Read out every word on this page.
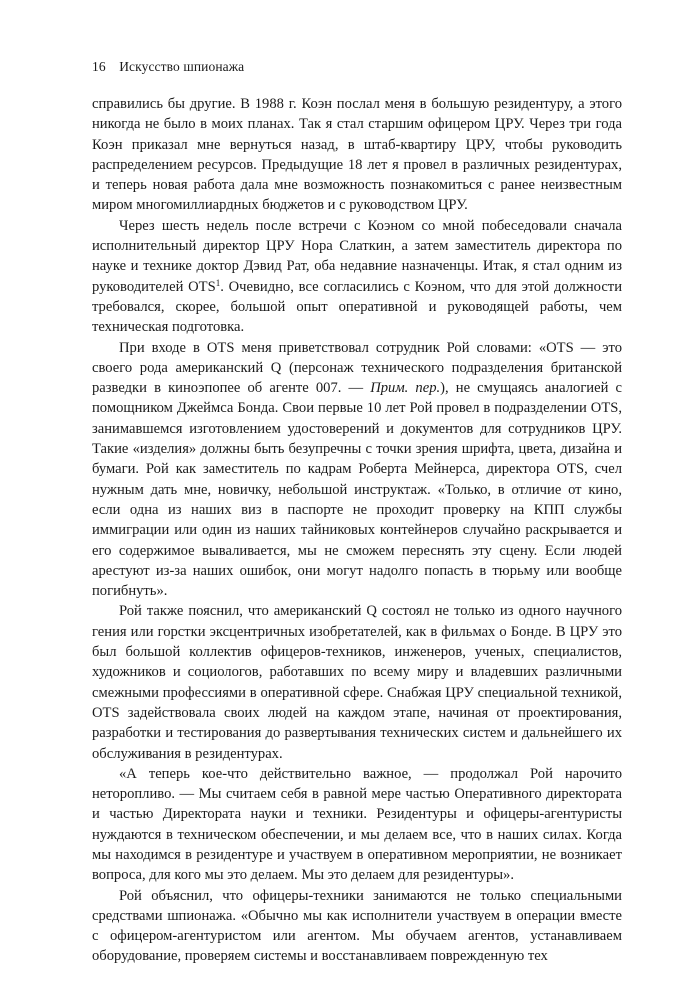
16 Искусство шпионажа

справились бы другие. В 1988 г. Коэн послал меня в большую резидентуру, а этого никогда не было в моих планах. Так я стал старшим офицером ЦРУ. Через три года Коэн приказал мне вернуться назад, в штаб-квартиру ЦРУ, чтобы руководить распределением ресурсов. Предыдущие 18 лет я провел в различных резидентурах, и теперь новая работа дала мне возможность познакомиться с ранее неизвестным миром многомиллиардных бюджетов и с руководством ЦРУ.

Через шесть недель после встречи с Коэном со мной побеседовали сначала исполнительный директор ЦРУ Нора Слаткин, а затем заместитель директора по науке и технике доктор Дэвид Рат, оба недавние назначенцы. Итак, я стал одним из руководителей OTS$^1$. Очевидно, все согласились с Коэном, что для этой должности требовался, скорее, большой опыт оперативной и руководящей работы, чем техническая подготовка.

При входе в OTS меня приветствовал сотрудник Рой словами: «OTS — это своего рода американский Q (персонаж технического подразделения британской разведки в киноэпопее об агенте 007. — Прим. пер.), не смущаясь аналогией с помощником Джеймса Бонда. Свои первые 10 лет Рой провел в подразделении OTS, занимавшемся изготовлением удостоверений и документов для сотрудников ЦРУ. Такие «изделия» должны быть безупречны с точки зрения шрифта, цвета, дизайна и бумаги. Рой как заместитель по кадрам Роберта Мейнерса, директора OTS, счел нужным дать мне, новичку, небольшой инструктаж. «Только, в отличие от кино, если одна из наших виз в паспорте не проходит проверку на КПП службы иммиграции или один из наших тайниковых контейнеров случайно раскрывается и его содержимое вываливается, мы не сможем переснять эту сцену. Если людей арестуют из-за наших ошибок, они могут надолго попасть в тюрьму или вообще погибнуть».

Рой также пояснил, что американский Q состоял не только из одного научного гения или горстки эксцентричных изобретателей, как в фильмах о Бонде. В ЦРУ это был большой коллектив офицеров-техников, инженеров, ученых, специалистов, художников и социологов, работавших по всему миру и владевших различными смежными профессиями в оперативной сфере. Снабжая ЦРУ специальной техникой, OTS задействовала своих людей на каждом этапе, начиная от проектирования, разработки и тестирования до развертывания технических систем и дальнейшего их обслуживания в резидентурах.

«А теперь кое-что действительно важное, — продолжал Рой нарочито неторопливо. — Мы считаем себя в равной мере частью Оперативного директората и частью Директората науки и техники. Резидентуры и офицеры-агентуристы нуждаются в техническом обеспечении, и мы делаем все, что в наших силах. Когда мы находимся в резидентуре и участвуем в оперативном мероприятии, не возникает вопроса, для кого мы это делаем. Мы это делаем для резидентуры».

Рой объяснил, что офицеры-техники занимаются не только специальными средствами шпионажа. «Обычно мы как исполнители участвуем в операции вместе с офицером-агентуристом или агентом. Мы обучаем агентов, устанавливаем оборудование, проверяем системы и восстанавливаем поврежденную тех
